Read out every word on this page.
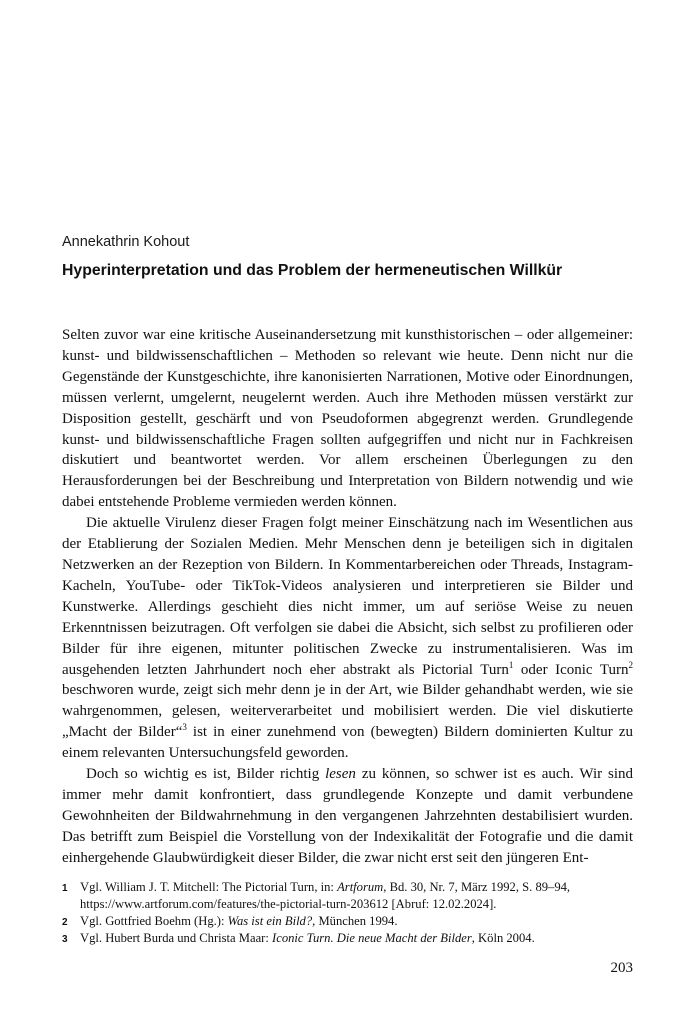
Annekathrin Kohout

Hyperinterpretation und das Problem der hermeneutischen Willkür

Selten zuvor war eine kritische Auseinandersetzung mit kunsthistorischen – oder allgemeiner: kunst- und bildwissenschaftlichen – Methoden so relevant wie heute. Denn nicht nur die Gegenstände der Kunstgeschichte, ihre kanonisierten Narrationen, Motive oder Einordnungen, müssen verlernt, umgelernt, neugelernt werden. Auch ihre Methoden müssen verstärkt zur Disposition gestellt, geschärft und von Pseudoformen abgegrenzt werden. Grundlegende kunst- und bildwissenschaftliche Fragen sollten aufgegriffen und nicht nur in Fachkreisen diskutiert und beantwortet werden. Vor allem erscheinen Überlegungen zu den Herausforderungen bei der Beschreibung und Interpretation von Bildern notwendig und wie dabei entstehende Probleme vermieden werden können.

Die aktuelle Virulenz dieser Fragen folgt meiner Einschätzung nach im Wesentlichen aus der Etablierung der Sozialen Medien. Mehr Menschen denn je beteiligen sich in digitalen Netzwerken an der Rezeption von Bildern. In Kommentarbereichen oder Threads, Instagram-Kacheln, YouTube- oder TikTok-Videos analysieren und interpretieren sie Bilder und Kunstwerke. Allerdings geschieht dies nicht immer, um auf seriöse Weise zu neuen Erkenntnissen beizutragen. Oft verfolgen sie dabei die Absicht, sich selbst zu profilieren oder Bilder für ihre eigenen, mitunter politischen Zwecke zu instrumentalisieren. Was im ausgehenden letzten Jahrhundert noch eher abstrakt als Pictorial Turn$^1$ oder Iconic Turn$^2$ beschworen wurde, zeigt sich mehr denn je in der Art, wie Bilder gehandhabt werden, wie sie wahrgenommen, gelesen, weiterverarbeitet und mobilisiert werden. Die viel diskutierte „Macht der Bilder“$^3$ ist in einer zunehmend von (bewegten) Bildern dominierten Kultur zu einem relevanten Untersuchungsfeld geworden.

Doch so wichtig es ist, Bilder richtig lesen zu können, so schwer ist es auch. Wir sind immer mehr damit konfrontiert, dass grundlegende Konzepte und damit verbundene Gewohnheiten der Bildwahrnehmung in den vergangenen Jahrzehnten destabilisiert wurden. Das betrifft zum Beispiel die Vorstellung von der Indexikalität der Fotografie und die damit einhergehende Glaubwürdigkeit dieser Bilder, die zwar nicht erst seit den jüngeren Ent-

1 Vgl. William J. T. Mitchell: The Pictorial Turn, in: Artforum, Bd. 30, Nr. 7, März 1992, S. 89–94, https://www.artforum.com/features/the-pictorial-turn-203612 [Abruf: 12.02.2024].
2 Vgl. Gottfried Boehm (Hg.): Was ist ein Bild?, München 1994.
3 Vgl. Hubert Burda und Christa Maar: Iconic Turn. Die neue Macht der Bilder, Köln 2004.

203
